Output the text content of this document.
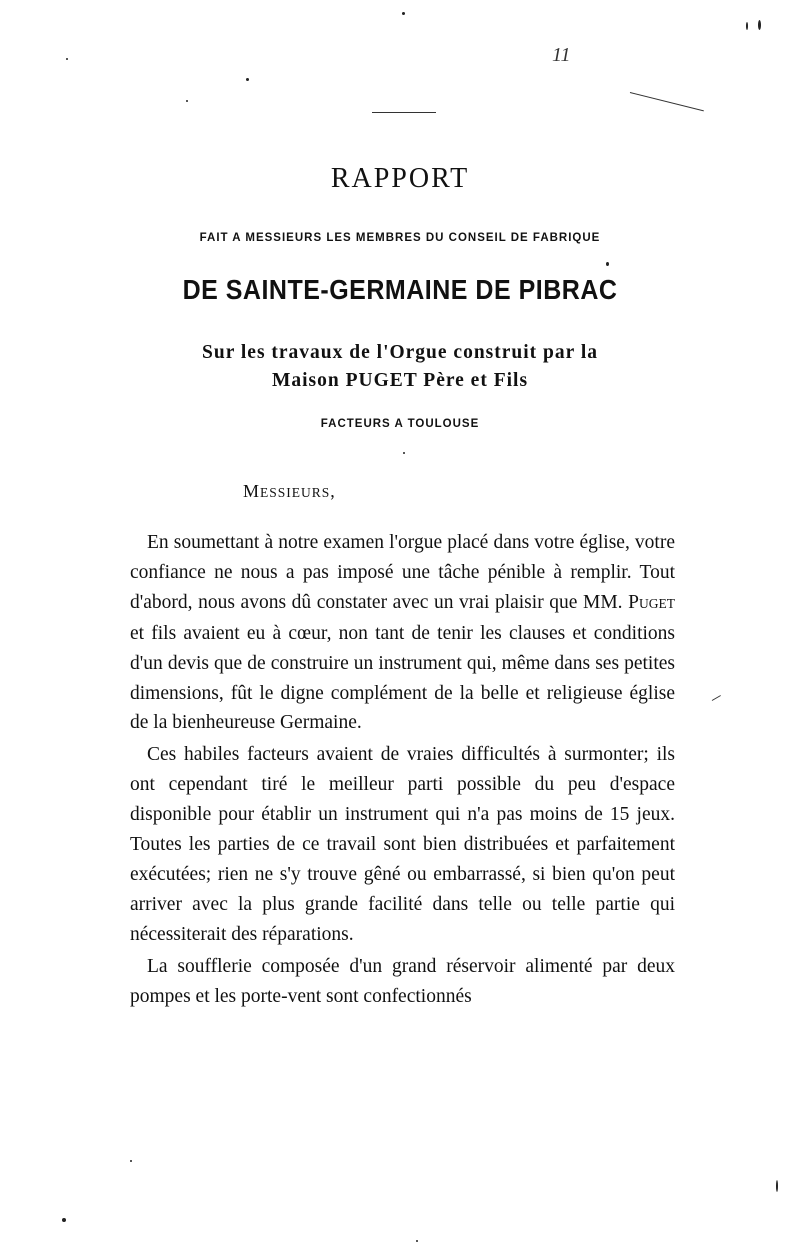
11
RAPPORT
FAIT A MESSIEURS LES MEMBRES DU CONSEIL DE FABRIQUE
DE SAINTE-GERMAINE DE PIBRAC
Sur les travaux de l'Orgue construit par la
Maison PUGET Père et Fils
FACTEURS A TOULOUSE
MESSIEURS,

En soumettant à notre examen l'orgue placé dans votre église, votre confiance ne nous a pas imposé une tâche pénible à remplir. Tout d'abord, nous avons dû constater avec un vrai plaisir que MM. PUGET et fils avaient eu à cœur, non tant de tenir les clauses et conditions d'un devis que de construire un instrument qui, même dans ses petites dimensions, fût le digne complément de la belle et religieuse église de la bienheureuse Germaine.

Ces habiles facteurs avaient de vraies difficultés à surmonter; ils ont cependant tiré le meilleur parti possible du peu d'espace disponible pour établir un instrument qui n'a pas moins de 15 jeux. Toutes les parties de ce travail sont bien distribuées et parfaitement exécutées; rien ne s'y trouve gêné ou embarrassé, si bien qu'on peut arriver avec la plus grande facilité dans telle ou telle partie qui nécessiterait des réparations.

La soufflerie composée d'un grand réservoir alimenté par deux pompes et les porte-vent sont confectionnés
